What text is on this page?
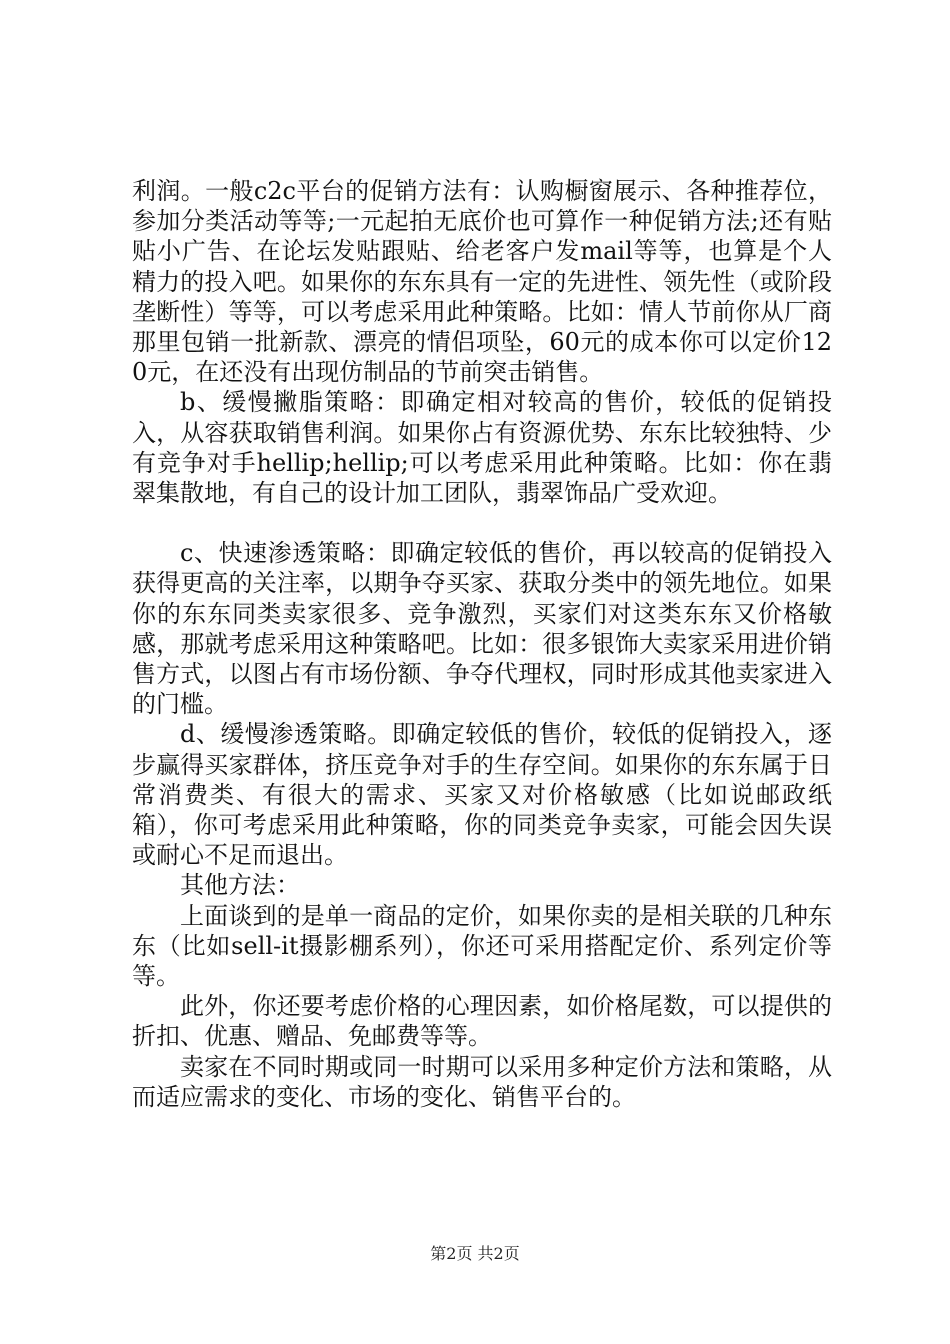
利润。一般c2c平台的促销方法有：认购橱窗展示、各种推荐位，参加分类活动等等;一元起拍无底价也可算作一种促销方法;还有贴贴小广告、在论坛发贴跟贴、给老客户发mail等等，也算是个人精力的投入吧。如果你的东东具有一定的先进性、领先性（或阶段垄断性）等等，可以考虑采用此种策略。比如：情人节前你从厂商那里包销一批新款、漂亮的情侣项坠，60元的成本你可以定价120元，在还没有出现仿制品的节前突击销售。

b、缓慢撇脂策略：即确定相对较高的售价，较低的促销投入，从容获取销售利润。如果你占有资源优势、东东比较独特、少有竞争对手hellip;hellip;可以考虑采用此种策略。比如：你在翡翠集散地，有自己的设计加工团队，翡翠饰品广受欢迎。

c、快速渗透策略：即确定较低的售价，再以较高的促销投入获得更高的关注率，以期争夺买家、获取分类中的领先地位。如果你的东东同类卖家很多、竞争激烈，买家们对这类东东又价格敏感，那就考虑采用这种策略吧。比如：很多银饰大卖家采用进价销售方式，以图占有市场份额、争夺代理权，同时形成其他卖家进入的门槛。

d、缓慢渗透策略。即确定较低的售价，较低的促销投入，逐步赢得买家群体，挤压竞争对手的生存空间。如果你的东东属于日常消费类、有很大的需求、买家又对价格敏感（比如说邮政纸箱），你可考虑采用此种策略，你的同类竞争卖家，可能会因失误或耐心不足而退出。

其他方法：

上面谈到的是单一商品的定价，如果你卖的是相关联的几种东东（比如sell-it摄影棚系列），你还可采用搭配定价、系列定价等等。

此外，你还要考虑价格的心理因素，如价格尾数，可以提供的折扣、优惠、赠品、免邮费等等。

卖家在不同时期或同一时期可以采用多种定价方法和策略，从而适应需求的变化、市场的变化、销售平台的。

第2页 共2页
